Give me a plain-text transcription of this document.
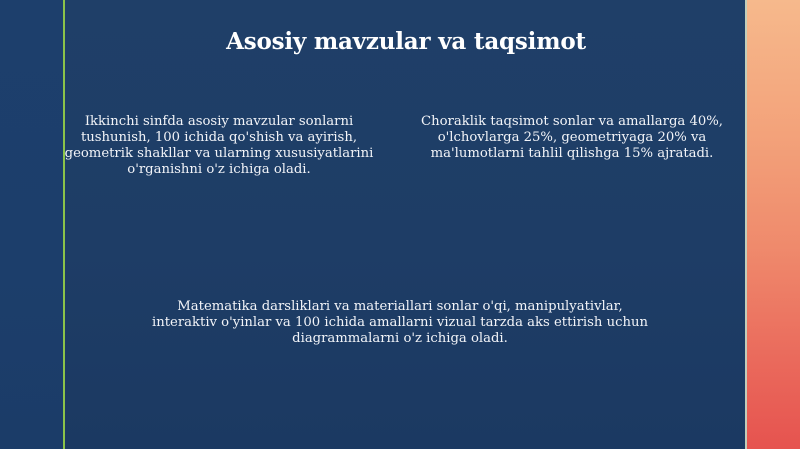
Asosiy mavzular va taqsimot
Ikkinchi sinfda asosiy mavzular sonlarni tushunish, 100 ichida qo'shish va ayirish, geometrik shakllar va ularning xususiyatlarini o'rganishni o'z ichiga oladi.
Choraklik taqsimot sonlar va amallarga 40%, o'lchovlarga 25%, geometriyaga 20% va ma'lumotlarni tahlil qilishga 15% ajratadi.
Matematika darsliklari va materiallari sonlar o'qi, manipulyativlar, interaktiv o'yinlar va 100 ichida amallarni vizual tarzda aks ettirish uchun diagrammalarni o'z ichiga oladi.
